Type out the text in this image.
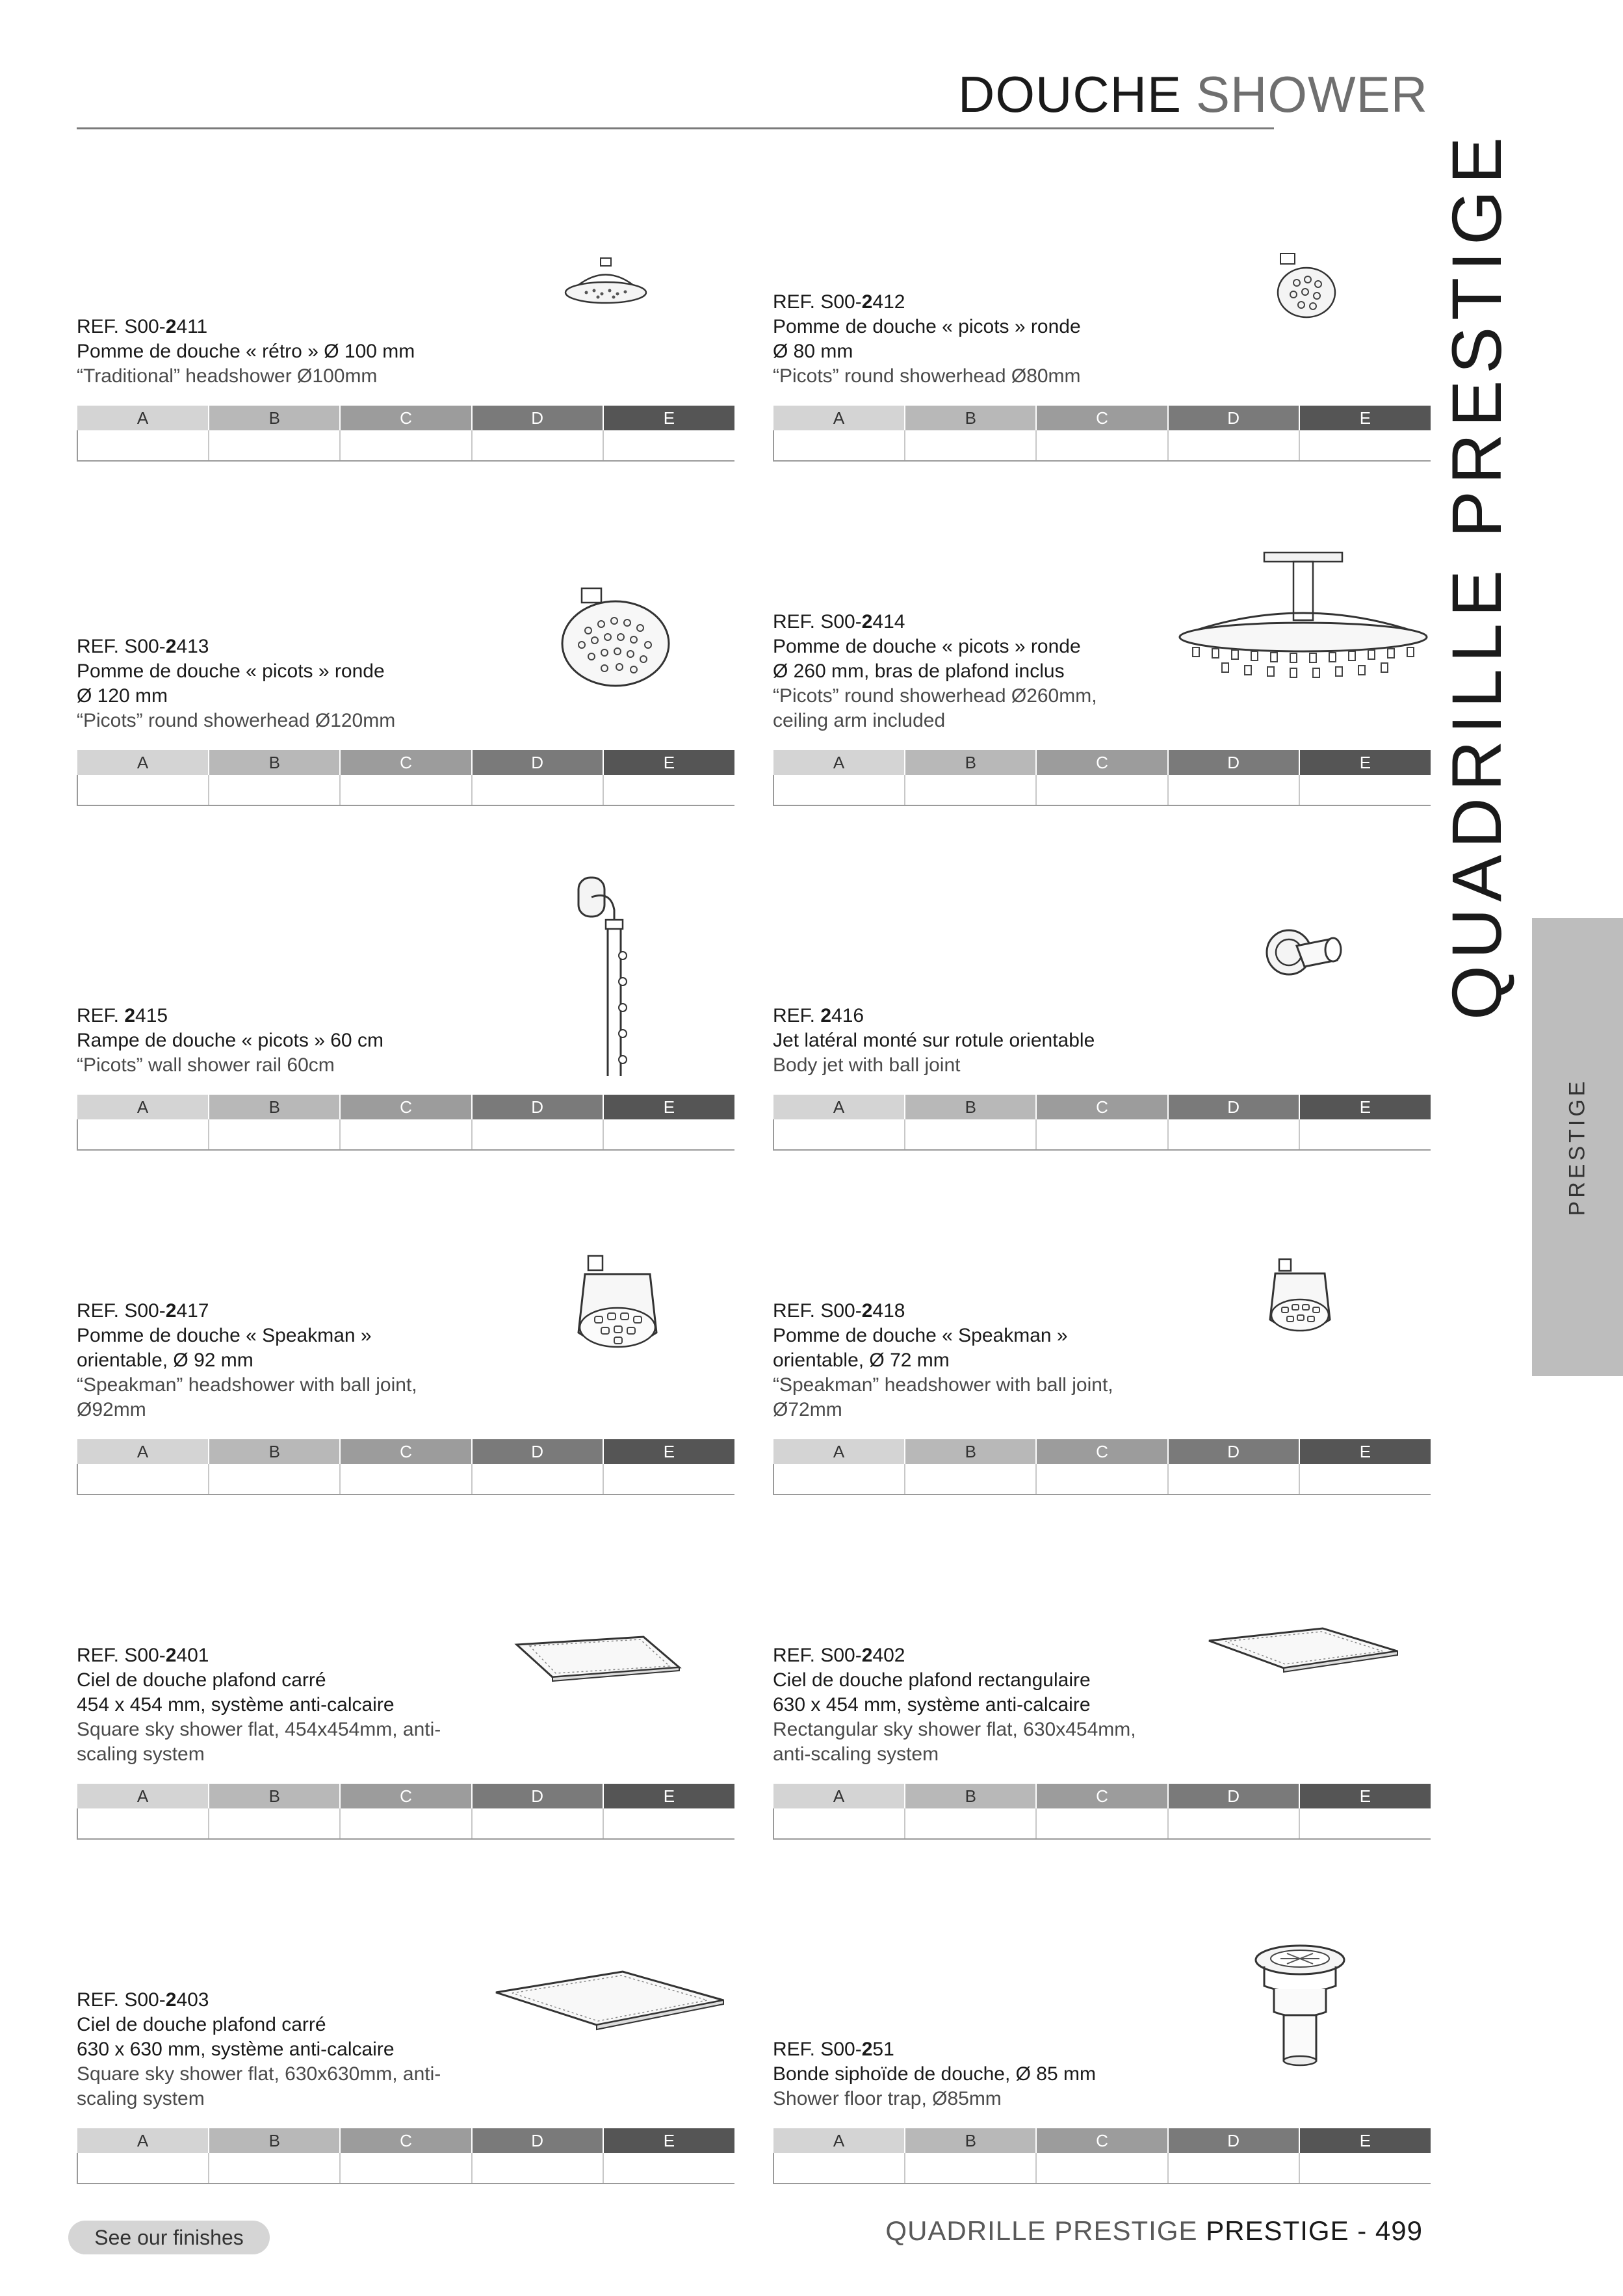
DOUCHE SHOWER
QUADRILLE PRESTIGE
PRESTIGE

REF. S00-2411

Pomme de douche « rétro » Ø 100 mm

“Traditional” headshower Ø100mm

A	B	C	D	E

REF. S00-2412

Pomme de douche « picots » ronde
Ø 80 mm

“Picots” round showerhead Ø80mm

A	B	C	D	E

REF. S00-2413

Pomme de douche « picots » ronde
Ø 120 mm

“Picots” round showerhead Ø120mm

A	B	C	D	E

REF. S00-2414

Pomme de douche « picots » ronde
Ø 260 mm, bras de plafond inclus

“Picots” round showerhead Ø260mm,
ceiling arm included

A	B	C	D	E

REF. 2415

Rampe de douche « picots » 60 cm

“Picots” wall shower rail 60cm

A	B	C	D	E

REF. 2416

Jet latéral monté sur rotule orientable

Body jet with ball joint

A	B	C	D	E

REF. S00-2417

Pomme de douche « Speakman »
orientable, Ø 92 mm

“Speakman” headshower with ball joint,
Ø92mm

A	B	C	D	E

REF. S00-2418

Pomme de douche « Speakman »
orientable, Ø 72 mm

“Speakman” headshower with ball joint,
Ø72mm

A	B	C	D	E

REF. S00-2401

Ciel de douche plafond carré
454 x 454 mm, système anti-calcaire

Square sky shower flat, 454x454mm, anti-
scaling system

A	B	C	D	E

REF. S00-2402

Ciel de douche plafond rectangulaire
630 x 454 mm, système anti-calcaire

Rectangular sky shower flat, 630x454mm,
anti-scaling system

A	B	C	D	E

REF. S00-2403

Ciel de douche plafond carré
630 x 630 mm, système anti-calcaire

Square sky shower flat, 630x630mm, anti-
scaling system

A	B	C	D	E

REF. S00-251

Bonde siphoïde de douche, Ø 85 mm

Shower floor trap, Ø85mm

A	B	C	D	E

See our finishes	QUADRILLE PRESTIGE PRESTIGE - 499
